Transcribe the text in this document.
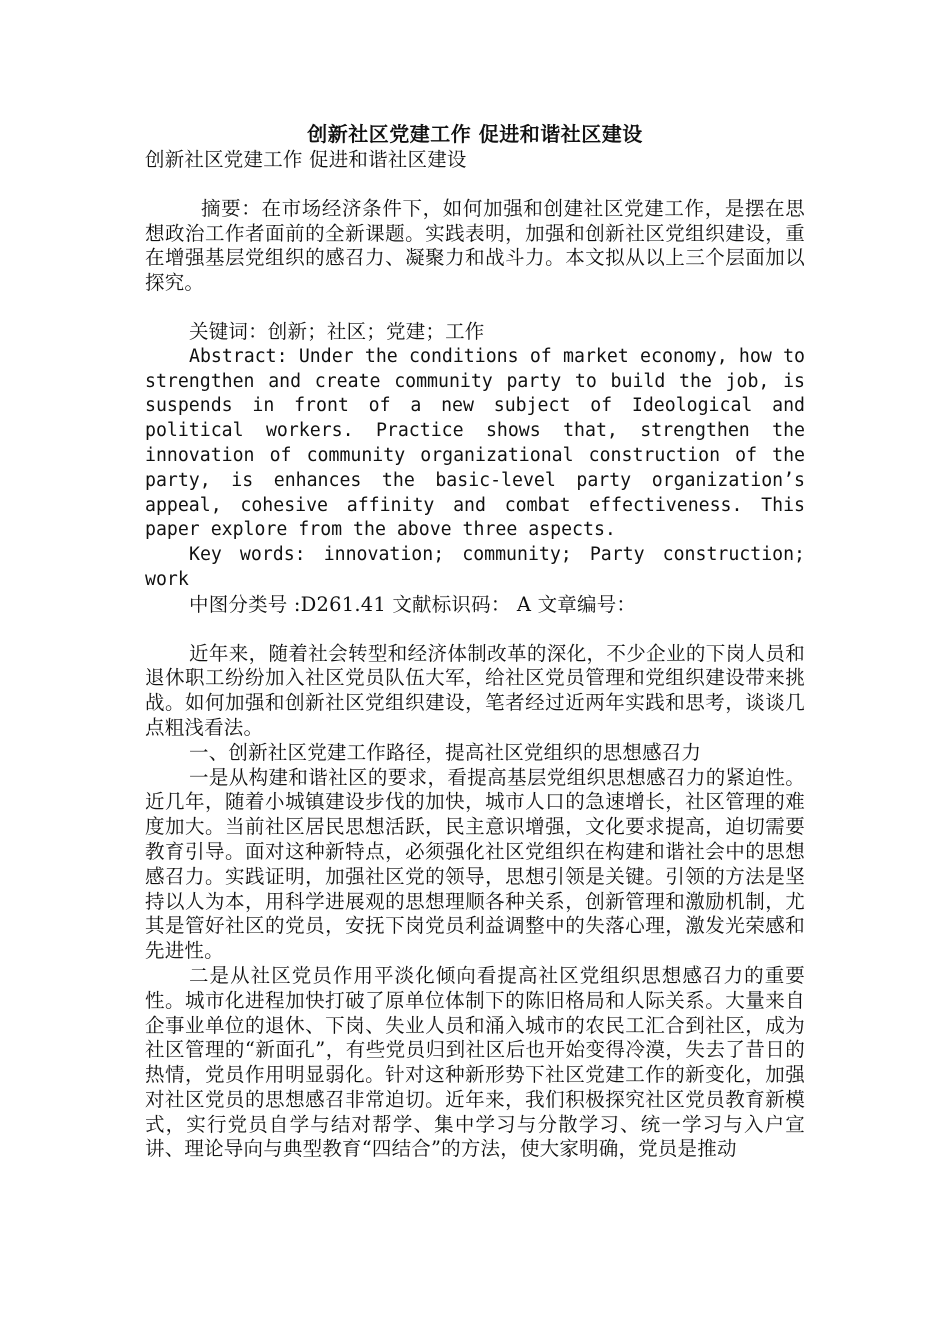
创新社区党建工作 促进和谐社区建设

创新社区党建工作 促进和谐社区建设

摘要：在市场经济条件下，如何加强和创建社区党建工作，是摆在思想政治工作者面前的全新课题。实践表明，加强和创新社区党组织建设，重在增强基层党组织的感召力、凝聚力和战斗力。本文拟从以上三个层面加以探究。

关键词：创新；社区；党建；工作

Abstract: Under the conditions of market economy, how to strengthen and create community party to build the job, is suspends in front of a new subject of Ideological and political workers. Practice shows that, strengthen the innovation of community organizational construction of the party, is enhances the basic-level party organization’s appeal, cohesive affinity and combat effectiveness. This paper explore from the above three aspects.

Key words: innovation; community; Party construction; work

中图分类号 :D261.41 文献标识码： A 文章编号：

近年来，随着社会转型和经济体制改革的深化，不少企业的下岗人员和退休职工纷纷加入社区党员队伍大军，给社区党员管理和党组织建设带来挑战。如何加强和创新社区党组织建设，笔者经过近两年实践和思考，谈谈几点粗浅看法。

一、创新社区党建工作路径，提高社区党组织的思想感召力

一是从构建和谐社区的要求，看提高基层党组织思想感召力的紧迫性。近几年，随着小城镇建设步伐的加快，城市人口的急速增长，社区管理的难度加大。当前社区居民思想活跃，民主意识增强，文化要求提高，迫切需要教育引导。面对这种新特点，必须强化社区党组织在构建和谐社会中的思想感召力。实践证明，加强社区党的领导，思想引领是关键。引领的方法是坚持以人为本，用科学进展观的思想理顺各种关系，创新管理和激励机制，尤其是管好社区的党员，安抚下岗党员利益调整中的失落心理，激发光荣感和先进性。

二是从社区党员作用平淡化倾向看提高社区党组织思想感召力的重要性。城市化进程加快打破了原单位体制下的陈旧格局和人际关系。大量来自企事业单位的退休、下岗、失业人员和涌入城市的农民工汇合到社区，成为社区管理的“新面孔”，有些党员归到社区后也开始变得冷漠，失去了昔日的热情，党员作用明显弱化。针对这种新形势下社区党建工作的新变化，加强对社区党员的思想感召非常迫切。近年来，我们积极探究社区党员教育新模式，实行党员自学与结对帮学、集中学习与分散学习、统一学习与入户宣讲、理论导向与典型教育“四结合”的方法，使大家明确，党员是推动
